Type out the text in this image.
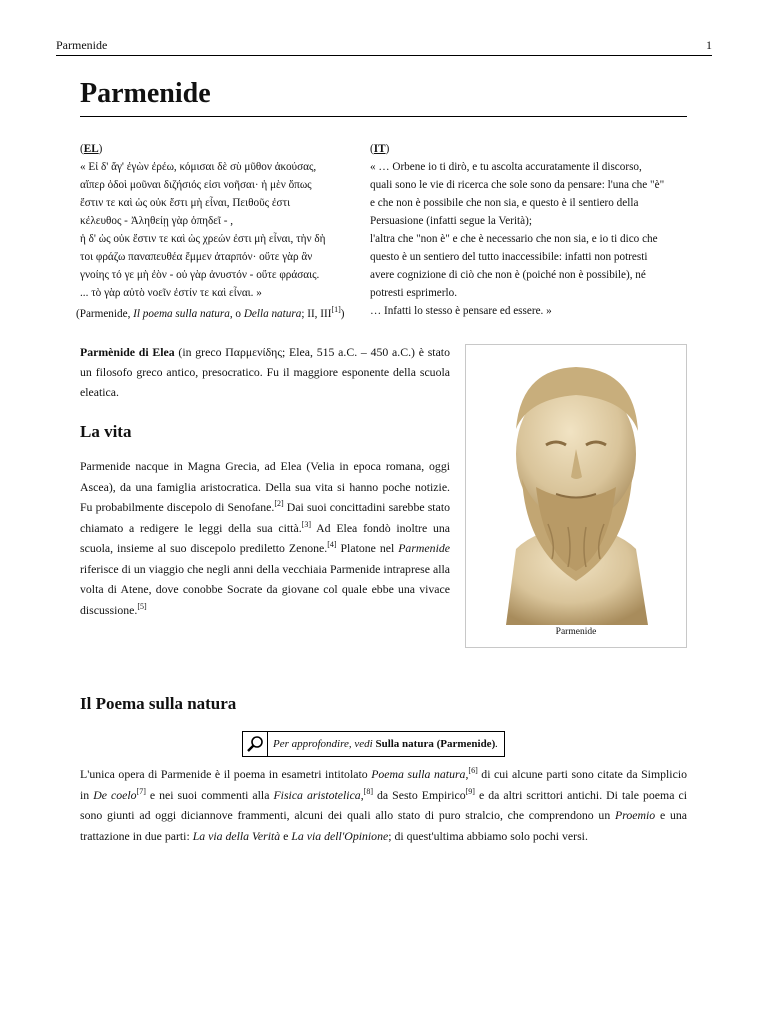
Parmenide	1
Parmenide
(EL)
« Εἰ δ' ἄγ' ἐγὼν ἐρέω, κόμισαι δὲ σὺ μῦθον ἀκούσας,
αἵπερ ὁδοὶ μοῦναι διζήσιός εἰσι νοῆσαι· ἡ μὲν ὅπως
ἔστιν τε καὶ ὡς οὐκ ἔστι μὴ εἶναι, Πειθοῦς ἐστι
κέλευθος - Ἀληθείῃ γὰρ ὀπηδεῖ - ,
ἡ δ' ὡς οὐκ ἔστιν τε καὶ ὡς χρεών ἐστι μὴ εἶναι, τὴν δὴ
τοι φράζω παναπευθέα ἔμμεν ἀταρπόν· οὔτε γὰρ ἂν
γνοίης τό γε μὴ ἐὸν - οὐ γὰρ ἀνυστόν - οὔτε φράσαις.
... τὸ γὰρ αὐτὸ νοεῖν ἐστίν τε καὶ εἶναι. »
(IT)
« … Orbene io ti dirò, e tu ascolta accuratamente il discorso,
quali sono le vie di ricerca che sole sono da pensare: l'una che "è"
e che non è possibile che non sia, e questo è il sentiero della
Persuasione (infatti segue la Verità);
l'altra che "non è" e che è necessario che non sia, e io ti dico che
questo è un sentiero del tutto inaccessibile: infatti non potresti
avere cognizione di ciò che non è (poiché non è possibile), né
potresti esprimerlo.
… Infatti lo stesso è pensare ed essere. »
(Parmenide, Il poema sulla natura, o Della natura; II, III[1])

Parmènide di Elea (in greco Παρμενίδης; Elea, 515 a.C. – 450 a.C.) è stato un filosofo greco antico, presocratico. Fu il maggiore esponente della scuola eleatica.

La vita

Parmenide nacque in Magna Grecia, ad Elea (Velia in epoca romana, oggi Ascea), da una famiglia aristocratica. Della sua vita si hanno poche notizie. Fu probabilmente discepolo di Senofane.[2] Dai suoi concittadini sarebbe stato chiamato a redigere le leggi della sua città.[3] Ad Elea fondò inoltre una scuola, insieme al suo discepolo prediletto Zenone.[4] Platone nel Parmenide riferisce di un viaggio che negli anni della vecchiaia Parmenide intraprese alla volta di Atene, dove conobbe Socrate da giovane col quale ebbe una vivace discussione.[5]

Parmenide
Il Poema sulla natura
Per approfondire, vedi
Sulla natura (Parmenide) .

L'unica opera di Parmenide è il poema in esametri intitolato Poema sulla natura,[6] di cui alcune parti sono citate da Simplicio in De coelo[7] e nei suoi commenti alla Fisica aristotelica,[8] da Sesto Empirico[9] e da altri scrittori antichi. Di tale poema ci sono giunti ad oggi diciannove frammenti, alcuni dei quali allo stato di puro stralcio, che comprendono un Proemio e una trattazione in due parti: La via della Verità e La via dell'Opinione; di quest'ultima abbiamo solo pochi versi.
